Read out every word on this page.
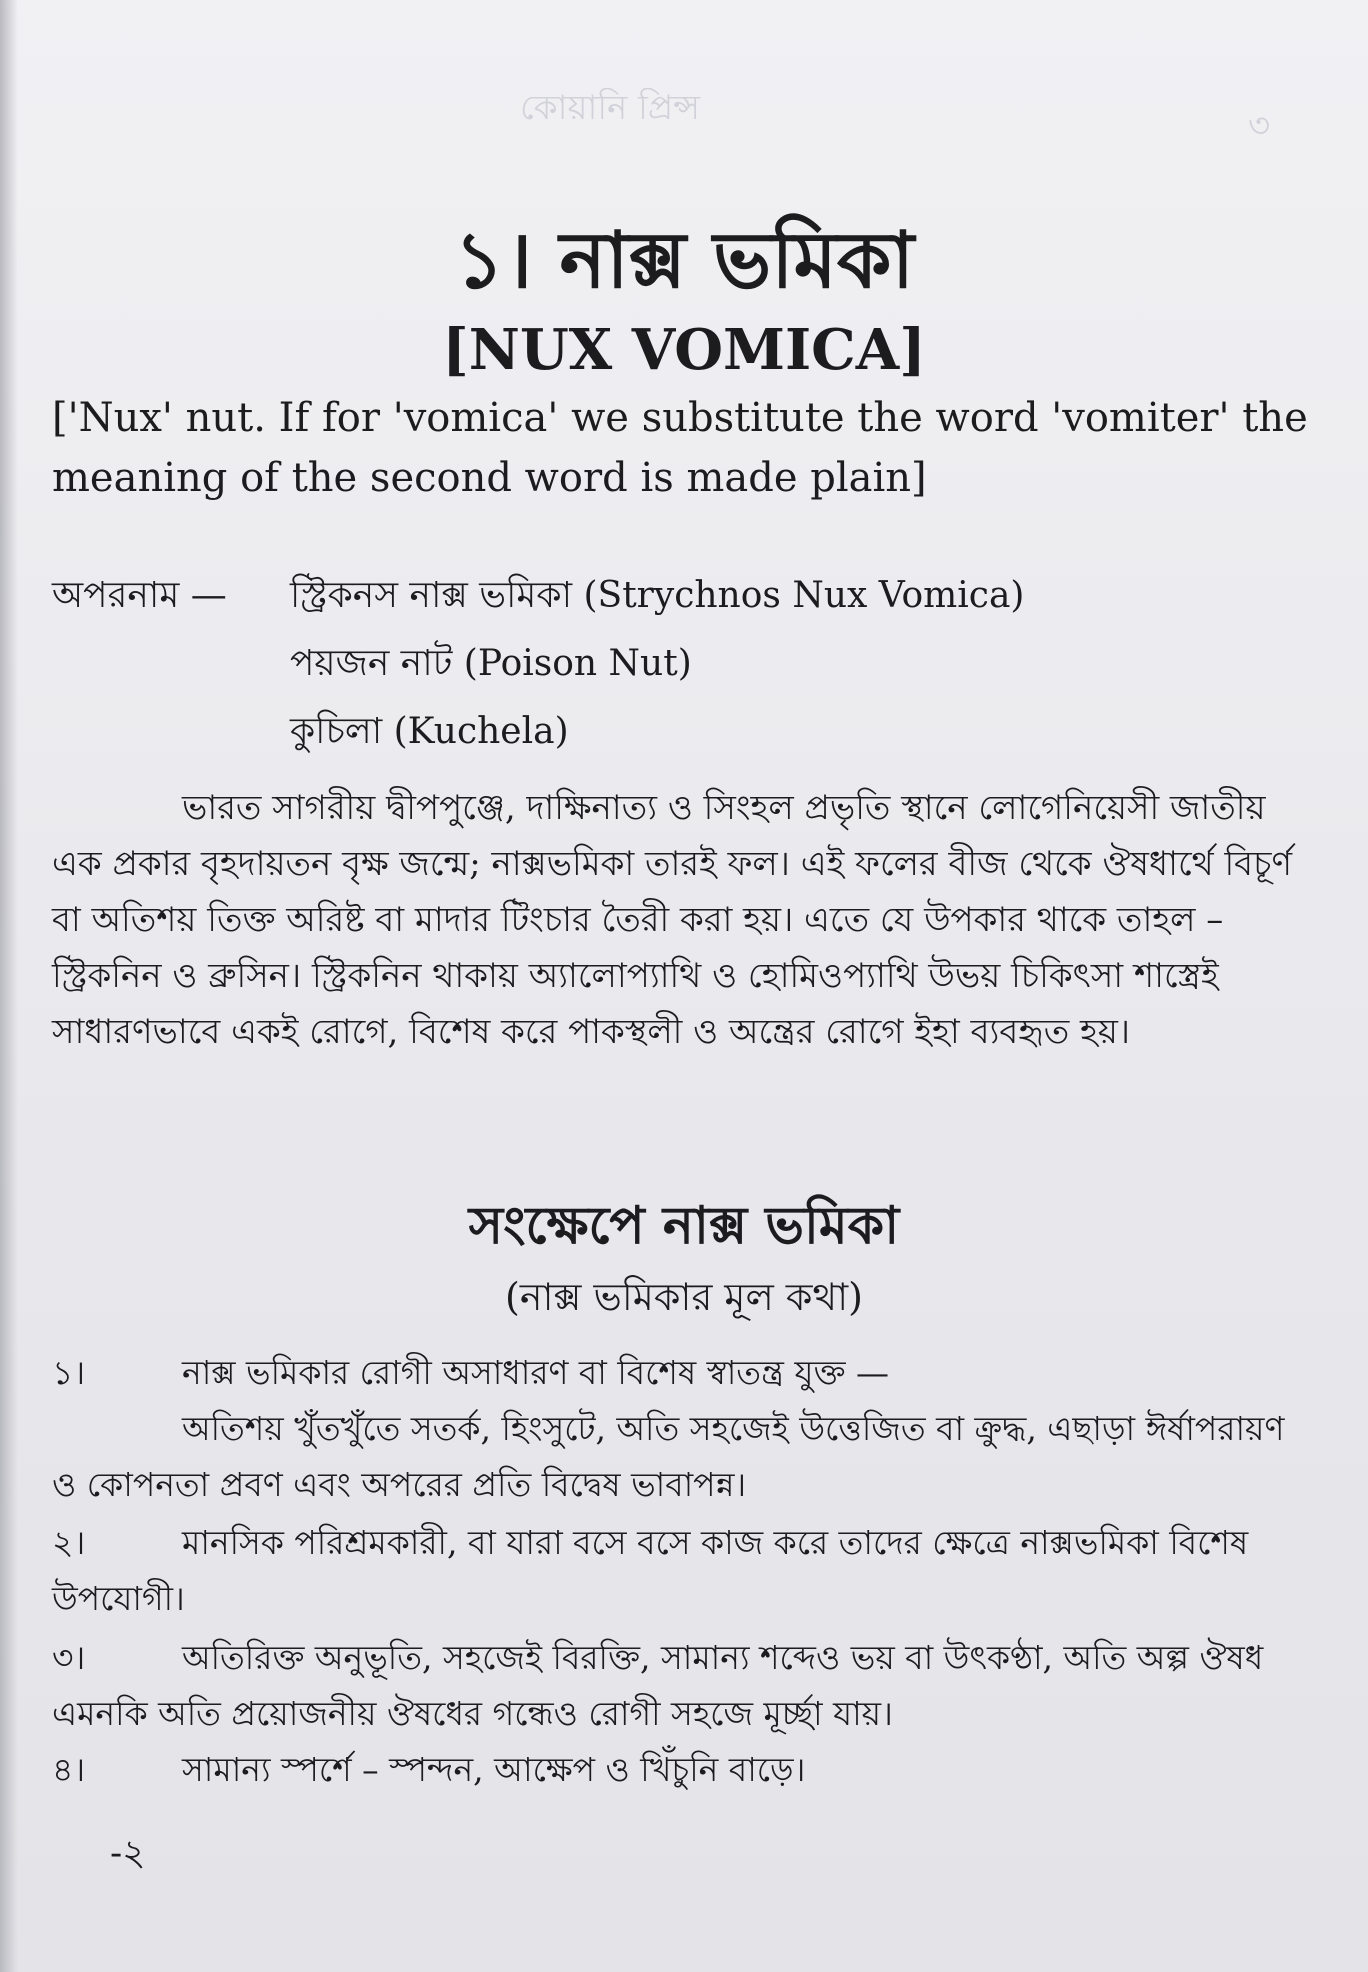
কোয়ানি প্রিন্স	৩
১। নাক্স ভমিকা
[NUX VOMICA]
['Nux' nut. If for 'vomica' we substitute the word 'vomiter' the meaning of the second word is made plain]
অপরনাম — স্ট্রিকনস নাক্স ভমিকা (Strychnos Nux Vomica)
পয়জন নাট (Poison Nut)
কুচিলা (Kuchela)
ভারত সাগরীয় দ্বীপপুঞ্জে, দাক্ষিনাত্য ও সিংহল প্রভৃতি স্থানে লোগেনিয়েসী জাতীয় এক প্রকার বৃহদায়তন বৃক্ষ জন্মে; নাক্সভমিকা তারই ফল। এই ফলের বীজ থেকে ঔষধার্থে বিচূর্ণ বা অতিশয় তিক্ত অরিষ্ট বা মাদার টিংচার তৈরী করা হয়। এতে যে উপকার থাকে তাহল – স্ট্রিকনিন ও ব্রুসিন। স্ট্রিকনিন থাকায় অ্যালোপ্যাথি ও হোমিওপ্যাথি উভয় চিকিৎসা শাস্ত্রেই সাধারণভাবে একই রোগে, বিশেষ করে পাকস্থলী ও অন্ত্রের রোগে ইহা ব্যবহৃত হয়।
সংক্ষেপে নাক্স ভমিকা
(নাক্স ভমিকার মূল কথা)
১।	নাক্স ভমিকার রোগী অসাধারণ বা বিশেষ স্বাতন্ত্র যুক্ত —
অতিশয় খুঁতখুঁতে সতর্ক, হিংসুটে, অতি সহজেই উত্তেজিত বা ক্রুদ্ধ, এছাড়া ঈর্ষাপরায়ণ ও কোপনতা প্রবণ এবং অপরের প্রতি বিদ্বেষ ভাবাপন্ন।
২।	মানসিক পরিশ্রমকারী, বা যারা বসে বসে কাজ করে তাদের ক্ষেত্রে নাক্সভমিকা বিশেষ উপযোগী।
৩।	অতিরিক্ত অনুভূতি, সহজেই বিরক্তি, সামান্য শব্দেও ভয় বা উৎকণ্ঠা, অতি অল্প ঔষধ এমনকি অতি প্রয়োজনীয় ঔষধের গন্ধেও রোগী সহজে মূর্চ্ছা যায়।
৪।	সামান্য স্পর্শে – স্পন্দন, আক্ষেপ ও খিঁচুনি বাড়ে।
-২
